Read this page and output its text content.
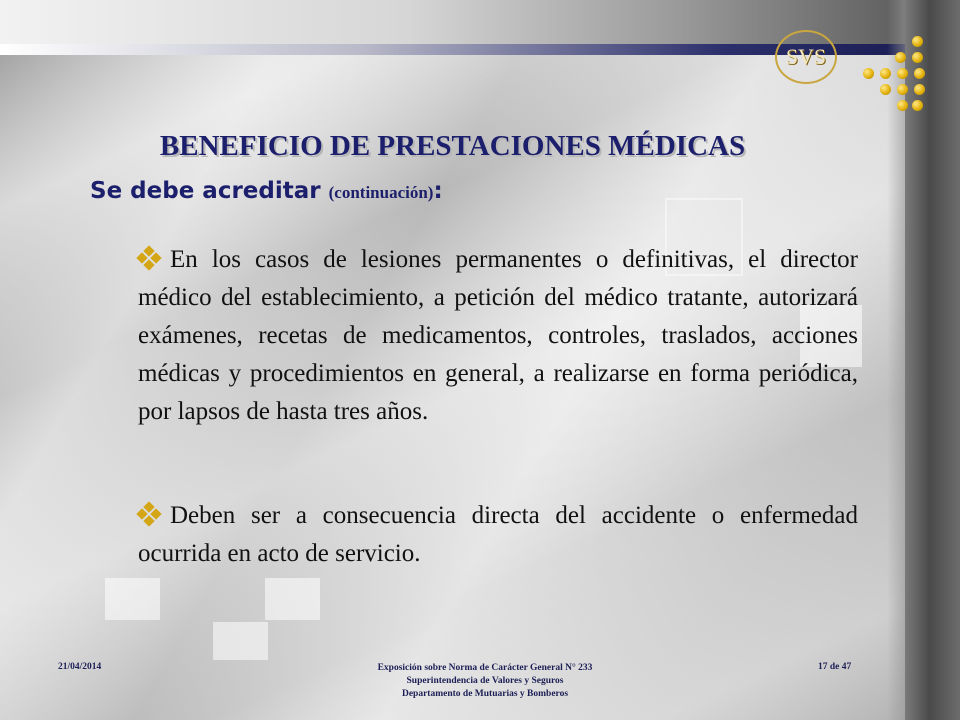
SVS
BENEFICIO DE PRESTACIONES MÉDICAS
Se debe acreditar (continuación):
En los casos de lesiones permanentes o definitivas, el director médico del establecimiento, a petición del médico tratante, autorizará exámenes, recetas de medicamentos, controles, traslados, acciones médicas y procedimientos en general, a realizarse en forma periódica, por lapsos de hasta tres años.
Deben ser a consecuencia directa del accidente o enfermedad ocurrida en acto de servicio.
21/04/2014	Exposición sobre Norma de Carácter General N° 233
Superintendencia de Valores y Seguros
Departamento de Mutuarias y Bomberos
17 de 47
